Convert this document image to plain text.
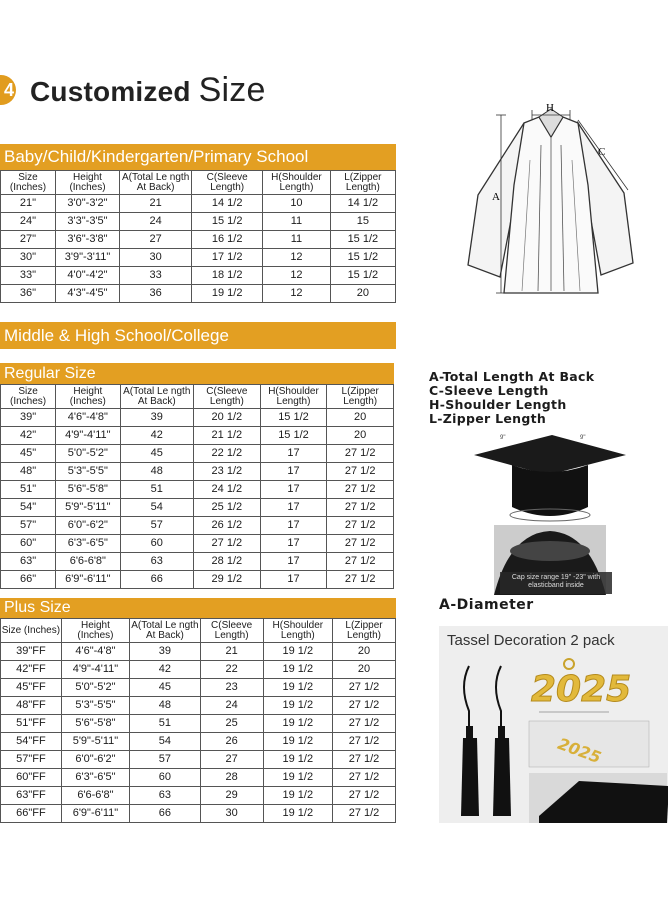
4 Customized Size
Baby/Child/Kindergarten/Primary School
Size (Inches)	Height (Inches)	A(Total Le ngth At Back)	C(Sleeve Length)	H(Shoulder Length)	L(Zipper Length)
21"	3'0"-3'2"	21	14 1/2	10	14 1/2
24"	3'3"-3'5"	24	15 1/2	11	15
27"	3'6"-3'8"	27	16 1/2	11	15 1/2
30"	3'9"-3'11"	30	17 1/2	12	15 1/2
33"	4'0"-4'2"	33	18 1/2	12	15 1/2
36"	4'3"-4'5"	36	19 1/2	12	20
Middle & High School/College
Regular Size
Size (Inches)	Height (Inches)	A(Total Le ngth At Back)	C(Sleeve Length)	H(Shoulder Length)	L(Zipper Length)
39"	4'6"-4'8"	39	20 1/2	15 1/2	20
42"	4'9"-4'11"	42	21 1/2	15 1/2	20
45"	5'0"-5'2"	45	22 1/2	17	27 1/2
48"	5'3"-5'5"	48	23 1/2	17	27 1/2
51"	5'6"-5'8"	51	24 1/2	17	27 1/2
54"	5'9"-5'11"	54	25 1/2	17	27 1/2
57"	6'0"-6'2"	57	26 1/2	17	27 1/2
60"	6'3"-6'5"	60	27 1/2	17	27 1/2
63"	6'6-6'8"	63	28 1/2	17	27 1/2
66"	6'9"-6'11"	66	29 1/2	17	27 1/2
Plus Size
Size (Inches)	Height (Inches)	A(Total Le ngth At Back)	C(Sleeve Length)	H(Shoulder Length)	L(Zipper Length)
39"FF	4'6"-4'8"	39	21	19 1/2	20
42"FF	4'9"-4'11"	42	22	19 1/2	20
45"FF	5'0"-5'2"	45	23	19 1/2	27 1/2
48"FF	5'3"-5'5"	48	24	19 1/2	27 1/2
51"FF	5'6"-5'8"	51	25	19 1/2	27 1/2
54"FF	5'9"-5'11"	54	26	19 1/2	27 1/2
57"FF	6'0"-6'2"	57	27	19 1/2	27 1/2
60"FF	6'3"-6'5"	60	28	19 1/2	27 1/2
63"FF	6'6-6'8"	63	29	19 1/2	27 1/2
66"FF	6'9"-6'11"	66	30	19 1/2	27 1/2
H
C
A
A-Total Length At Back
C-Sleeve Length
H-Shoulder Length
L-Zipper Length
9"	9"
Cap size range 19" -23" with elasticband inside
A-Diameter
2025
2025
Tassel Decoration 2 pack
